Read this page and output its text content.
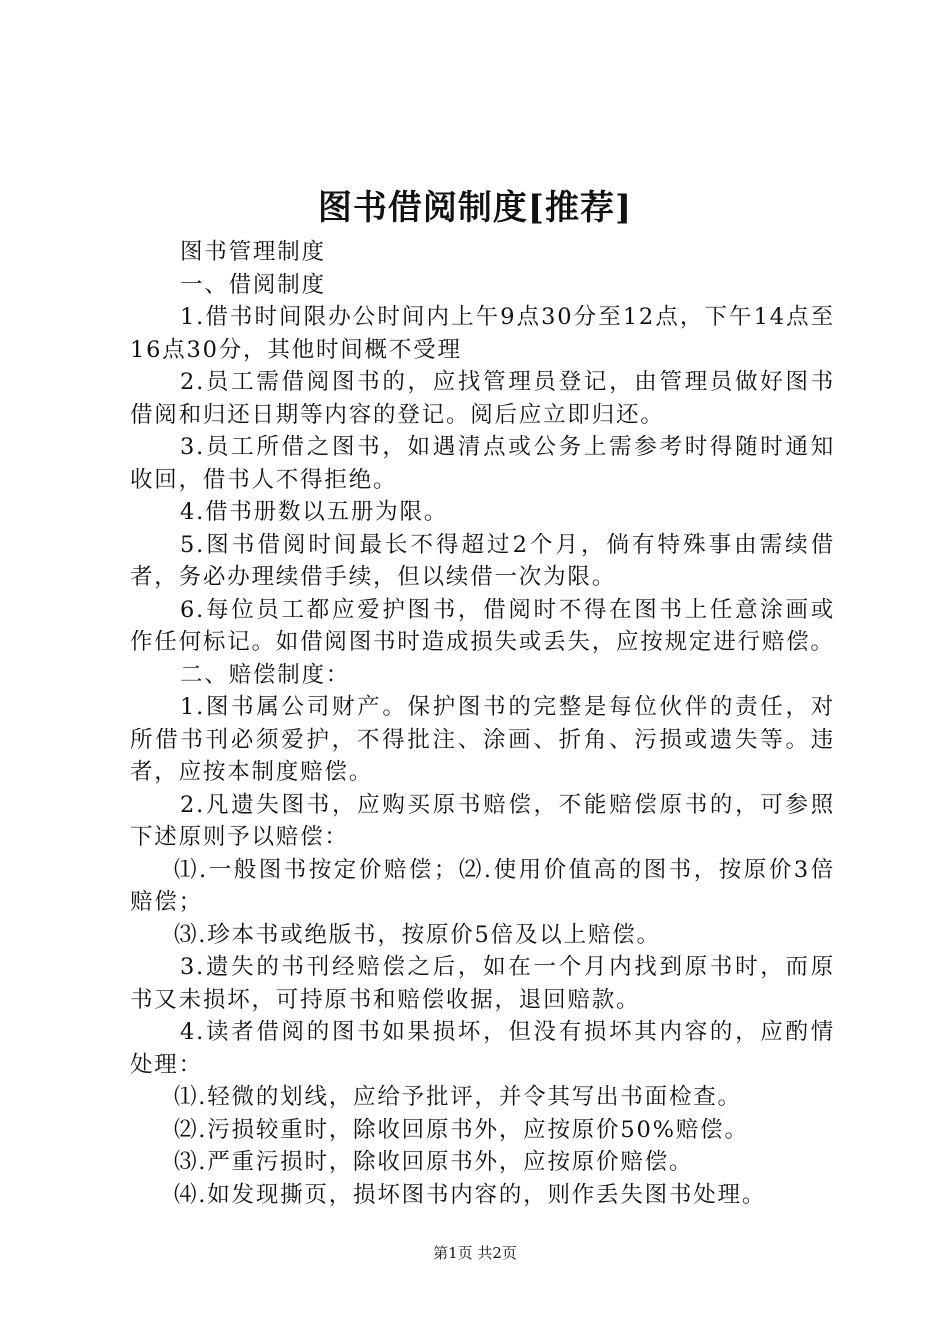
图书借阅制度[推荐]

图书管理制度

一、借阅制度

1.借书时间限办公时间内上午9点30分至12点，下午14点至16点30分，其他时间概不受理

2.员工需借阅图书的，应找管理员登记，由管理员做好图书借阅和归还日期等内容的登记。阅后应立即归还。

3.员工所借之图书，如遇清点或公务上需参考时得随时通知收回，借书人不得拒绝。

4.借书册数以五册为限。

5.图书借阅时间最长不得超过2个月，倘有特殊事由需续借者，务必办理续借手续，但以续借一次为限。

6.每位员工都应爱护图书，借阅时不得在图书上任意涂画或作任何标记。如借阅图书时造成损失或丢失，应按规定进行赔偿。

二、赔偿制度：

1.图书属公司财产。保护图书的完整是每位伙伴的责任，对所借书刊必须爱护，不得批注、涂画、折角、污损或遗失等。违者，应按本制度赔偿。

2.凡遗失图书，应购买原书赔偿，不能赔偿原书的，可参照下述原则予以赔偿：

⑴.一般图书按定价赔偿；⑵.使用价值高的图书，按原价3倍赔偿；

⑶.珍本书或绝版书，按原价5倍及以上赔偿。

3.遗失的书刊经赔偿之后，如在一个月内找到原书时，而原书又未损坏，可持原书和赔偿收据，退回赔款。

4.读者借阅的图书如果损坏，但没有损坏其内容的，应酌情处理：

⑴.轻微的划线，应给予批评，并令其写出书面检查。

⑵.污损较重时，除收回原书外，应按原价50%赔偿。

⑶.严重污损时，除收回原书外，应按原价赔偿。

⑷.如发现撕页，损坏图书内容的，则作丢失图书处理。

第1页 共2页
